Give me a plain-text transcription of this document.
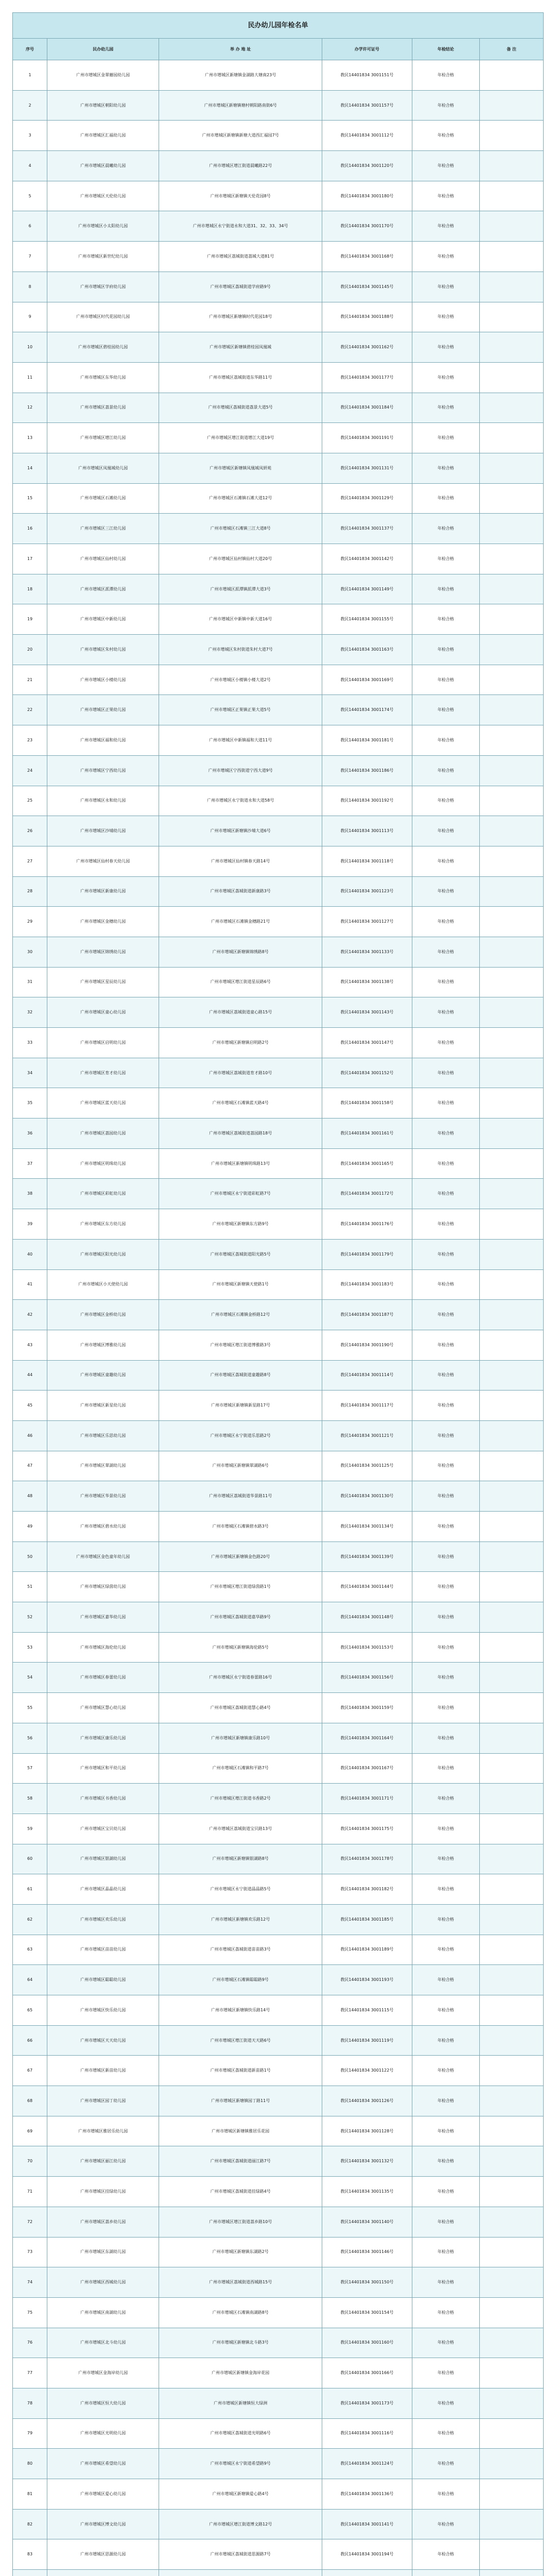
民办幼儿园年检名单					
序号	民办幼儿园	举 办 地 址	办学许可证号	年检结论	备 注
1	广州市增城区金翠蘑园幼儿园	广州市增城区新塘镇金湖路大塘南23号	教民14401834 3001151号	年检合格	
2	广州市增城区朝阳幼儿园	广州市增城区新塘镇塘村朝阳路南街6号	教民14401834 3001157号	年检合格	
3	广州市增城区汇福幼儿园	广州市增城区新塘镇新塘大道西汇福园7号	教民14401834 3001112号	年检合格	
4	广州市增城区晨曦幼儿园	广州市增城区增江街道晨曦路22号	教民14401834 3001120号	年检合格	
5	广州市增城区天伦幼儿园	广州市增城区新塘镇天伦花园8号	教民14401834 3001180号	年检合格	
6	广州市增城区小太阳幼儿园	广州市增城区永宁街道永和大道31、32、33、34号	教民14401834 3001170号	年检合格	
7	广州市增城区新世纪幼儿园	广州市增城区荔城街道荔城大道81号	教民14401834 3001168号	年检合格	
8	广州市增城区学府幼儿园	广州市增城区荔城街道学府路9号	教民14401834 3001145号	年检合格	
9	广州市增城区时代花园幼儿园	广州市增城区新塘镇时代花园18号	教民14401834 3001188号	年检合格	
10	广州市增城区碧桂园幼儿园	广州市增城区新塘镇碧桂园凤凰城	教民14401834 3001162号	年检合格	
11	广州市增城区东华幼儿园	广州市增城区荔城街道东华路11号	教民14401834 3001177号	年检合格	
12	广州市增城区荔景幼儿园	广州市增城区荔城街道荔景大道5号	教民14401834 3001184号	年检合格	
13	广州市增城区增江幼儿园	广州市增城区增江街道增江大道19号	教民14401834 3001191号	年检合格	
14	广州市增城区凤凰城幼儿园	广州市增城区新塘镇凤凰城凤妍苑	教民14401834 3001131号	年检合格	
15	广州市增城区石滩幼儿园	广州市增城区石滩镇石滩大道12号	教民14401834 3001129号	年检合格	
16	广州市增城区三江幼儿园	广州市增城区石滩镇三江大道8号	教民14401834 3001137号	年检合格	
17	广州市增城区仙村幼儿园	广州市增城区仙村镇仙村大道20号	教民14401834 3001142号	年检合格	
18	广州市增城区派潭幼儿园	广州市增城区派潭镇派潭大道3号	教民14401834 3001149号	年检合格	
19	广州市增城区中新幼儿园	广州市增城区中新镇中新大道16号	教民14401834 3001155号	年检合格	
20	广州市增城区朱村幼儿园	广州市增城区朱村街道朱村大道7号	教民14401834 3001163号	年检合格	
21	广州市增城区小楼幼儿园	广州市增城区小楼镇小楼大道2号	教民14401834 3001169号	年检合格	
22	广州市增城区正果幼儿园	广州市增城区正果镇正果大道5号	教民14401834 3001174号	年检合格	
23	广州市增城区福和幼儿园	广州市增城区中新镇福和大道11号	教民14401834 3001181号	年检合格	
24	广州市增城区宁西幼儿园	广州市增城区宁西街道宁西大道9号	教民14401834 3001186号	年检合格	
25	广州市增城区永和幼儿园	广州市增城区永宁街道永和大道58号	教民14401834 3001192号	年检合格	
26	广州市增城区沙埔幼儿园	广州市增城区新塘镇沙埔大道6号	教民14401834 3001113号	年检合格	
27	广州市增城区仙村春天幼儿园	广州市增城区仙村镇春天路14号	教民14401834 3001118号	年检合格	
28	广州市增城区新康幼儿园	广州市增城区荔城街道新康路3号	教民14401834 3001123号	年检合格	
29	广州市增城区金穗幼儿园	广州市增城区石滩镇金穗路21号	教民14401834 3001127号	年检合格	
30	广州市增城区锦绣幼儿园	广州市增城区新塘镇锦绣路8号	教民14401834 3001133号	年检合格	
31	广州市增城区星辰幼儿园	广州市增城区增江街道星辰路6号	教民14401834 3001138号	年检合格	
32	广州市增城区童心幼儿园	广州市增城区荔城街道童心路15号	教民14401834 3001143号	年检合格	
33	广州市增城区启明幼儿园	广州市增城区新塘镇启明路2号	教民14401834 3001147号	年检合格	
34	广州市增城区育才幼儿园	广州市增城区荔城街道育才路10号	教民14401834 3001152号	年检合格	
35	广州市增城区蓝天幼儿园	广州市增城区石滩镇蓝天路4号	教民14401834 3001158号	年检合格	
36	广州市增城区荔园幼儿园	广州市增城区荔城街道荔园路18号	教民14401834 3001161号	年检合格	
37	广州市增城区明珠幼儿园	广州市增城区新塘镇明珠路13号	教民14401834 3001165号	年检合格	
38	广州市增城区彩虹幼儿园	广州市增城区永宁街道彩虹路7号	教民14401834 3001172号	年检合格	
39	广州市增城区东方幼儿园	广州市增城区新塘镇东方路9号	教民14401834 3001176号	年检合格	
40	广州市增城区阳光幼儿园	广州市增城区荔城街道阳光路5号	教民14401834 3001179号	年检合格	
41	广州市增城区小天使幼儿园	广州市增城区新塘镇天使路1号	教民14401834 3001183号	年检合格	
42	广州市增城区金桥幼儿园	广州市增城区石滩镇金桥路12号	教民14401834 3001187号	年检合格	
43	广州市增城区博雅幼儿园	广州市增城区增江街道博雅路3号	教民14401834 3001190号	年检合格	
44	广州市增城区童趣幼儿园	广州市增城区荔城街道童趣路8号	教民14401834 3001114号	年检合格	
45	广州市增城区新星幼儿园	广州市增城区新塘镇新星路17号	教民14401834 3001117号	年检合格	
46	广州市增城区乐思幼儿园	广州市增城区永宁街道乐思路2号	教民14401834 3001121号	年检合格	
47	广州市增城区翠湖幼儿园	广州市增城区新塘镇翠湖路6号	教民14401834 3001125号	年检合格	
48	广州市增城区华景幼儿园	广州市增城区荔城街道华景路11号	教民14401834 3001130号	年检合格	
49	广州市增城区碧水幼儿园	广州市增城区石滩镇碧水路3号	教民14401834 3001134号	年检合格	
50	广州市增城区金色童年幼儿园	广州市增城区新塘镇金色路20号	教民14401834 3001139号	年检合格	
51	广州市增城区绿茵幼儿园	广州市增城区增江街道绿茵路1号	教民14401834 3001144号	年检合格	
52	广州市增城区嘉华幼儿园	广州市增城区荔城街道嘉华路9号	教民14401834 3001148号	年检合格	
53	广州市增城区海伦幼儿园	广州市增城区新塘镇海伦路5号	教民14401834 3001153号	年检合格	
54	广州市增城区春蕾幼儿园	广州市增城区永宁街道春蕾路16号	教民14401834 3001156号	年检合格	
55	广州市增城区慧心幼儿园	广州市增城区荔城街道慧心路4号	教民14401834 3001159号	年检合格	
56	广州市增城区康乐幼儿园	广州市增城区新塘镇康乐路10号	教民14401834 3001164号	年检合格	
57	广州市增城区和平幼儿园	广州市增城区石滩镇和平路7号	教民14401834 3001167号	年检合格	
58	广州市增城区书香幼儿园	广州市增城区增江街道书香路2号	教民14401834 3001171号	年检合格	
59	广州市增城区宝贝幼儿园	广州市增城区荔城街道宝贝路13号	教民14401834 3001175号	年检合格	
60	广州市增城区银湖幼儿园	广州市增城区新塘镇银湖路8号	教民14401834 3001178号	年检合格	
61	广州市增城区晶晶幼儿园	广州市增城区永宁街道晶晶路5号	教民14401834 3001182号	年检合格	
62	广州市增城区欢乐幼儿园	广州市增城区新塘镇欢乐路12号	教民14401834 3001185号	年检合格	
63	广州市增城区苗苗幼儿园	广州市增城区荔城街道苗苗路3号	教民14401834 3001189号	年检合格	
64	广州市增城区聪聪幼儿园	广州市增城区石滩镇聪聪路9号	教民14401834 3001193号	年检合格	
65	广州市增城区快乐幼儿园	广州市增城区新塘镇快乐路14号	教民14401834 3001115号	年检合格	
66	广州市增城区天天幼儿园	广州市增城区增江街道天天路6号	教民14401834 3001119号	年检合格	
67	广州市增城区新苗幼儿园	广州市增城区荔城街道新苗路1号	教民14401834 3001122号	年检合格	
68	广州市增城区园丁幼儿园	广州市增城区新塘镇园丁路11号	教民14401834 3001126号	年检合格	
69	广州市增城区雅居乐幼儿园	广州市增城区新塘镇雅居乐花园	教民14401834 3001128号	年检合格	
70	广州市增城区丽江幼儿园	广州市增城区荔城街道丽江路7号	教民14401834 3001132号	年检合格	
71	广州市增城区挂绿幼儿园	广州市增城区荔城街道挂绿路4号	教民14401834 3001135号	年检合格	
72	广州市增城区荔乡幼儿园	广州市增城区增江街道荔乡路10号	教民14401834 3001140号	年检合格	
73	广州市增城区东湖幼儿园	广州市增城区新塘镇东湖路2号	教民14401834 3001146号	年检合格	
74	广州市增城区西城幼儿园	广州市增城区荔城街道西城路15号	教民14401834 3001150号	年检合格	
75	广州市增城区南湖幼儿园	广州市增城区石滩镇南湖路8号	教民14401834 3001154号	年检合格	
76	广州市增城区北斗幼儿园	广州市增城区新塘镇北斗路3号	教民14401834 3001160号	年检合格	
77	广州市增城区金海岸幼儿园	广州市增城区新塘镇金海岸花园	教民14401834 3001166号	年检合格	
78	广州市增城区恒大幼儿园	广州市增城区新塘镇恒大绿洲	教民14401834 3001173号	年检合格	
79	广州市增城区光明幼儿园	广州市增城区荔城街道光明路6号	教民14401834 3001116号	年检合格	
80	广州市增城区希望幼儿园	广州市增城区永宁街道希望路9号	教民14401834 3001124号	年检合格	
81	广州市增城区爱心幼儿园	广州市增城区新塘镇爱心路4号	教民14401834 3001136号	年检合格	
82	广州市增城区博文幼儿园	广州市增城区增江街道博文路12号	教民14401834 3001141号	年检合格	
83	广州市增城区思源幼儿园	广州市增城区荔城街道思源路7号	教民14401834 3001194号	年检合格	
